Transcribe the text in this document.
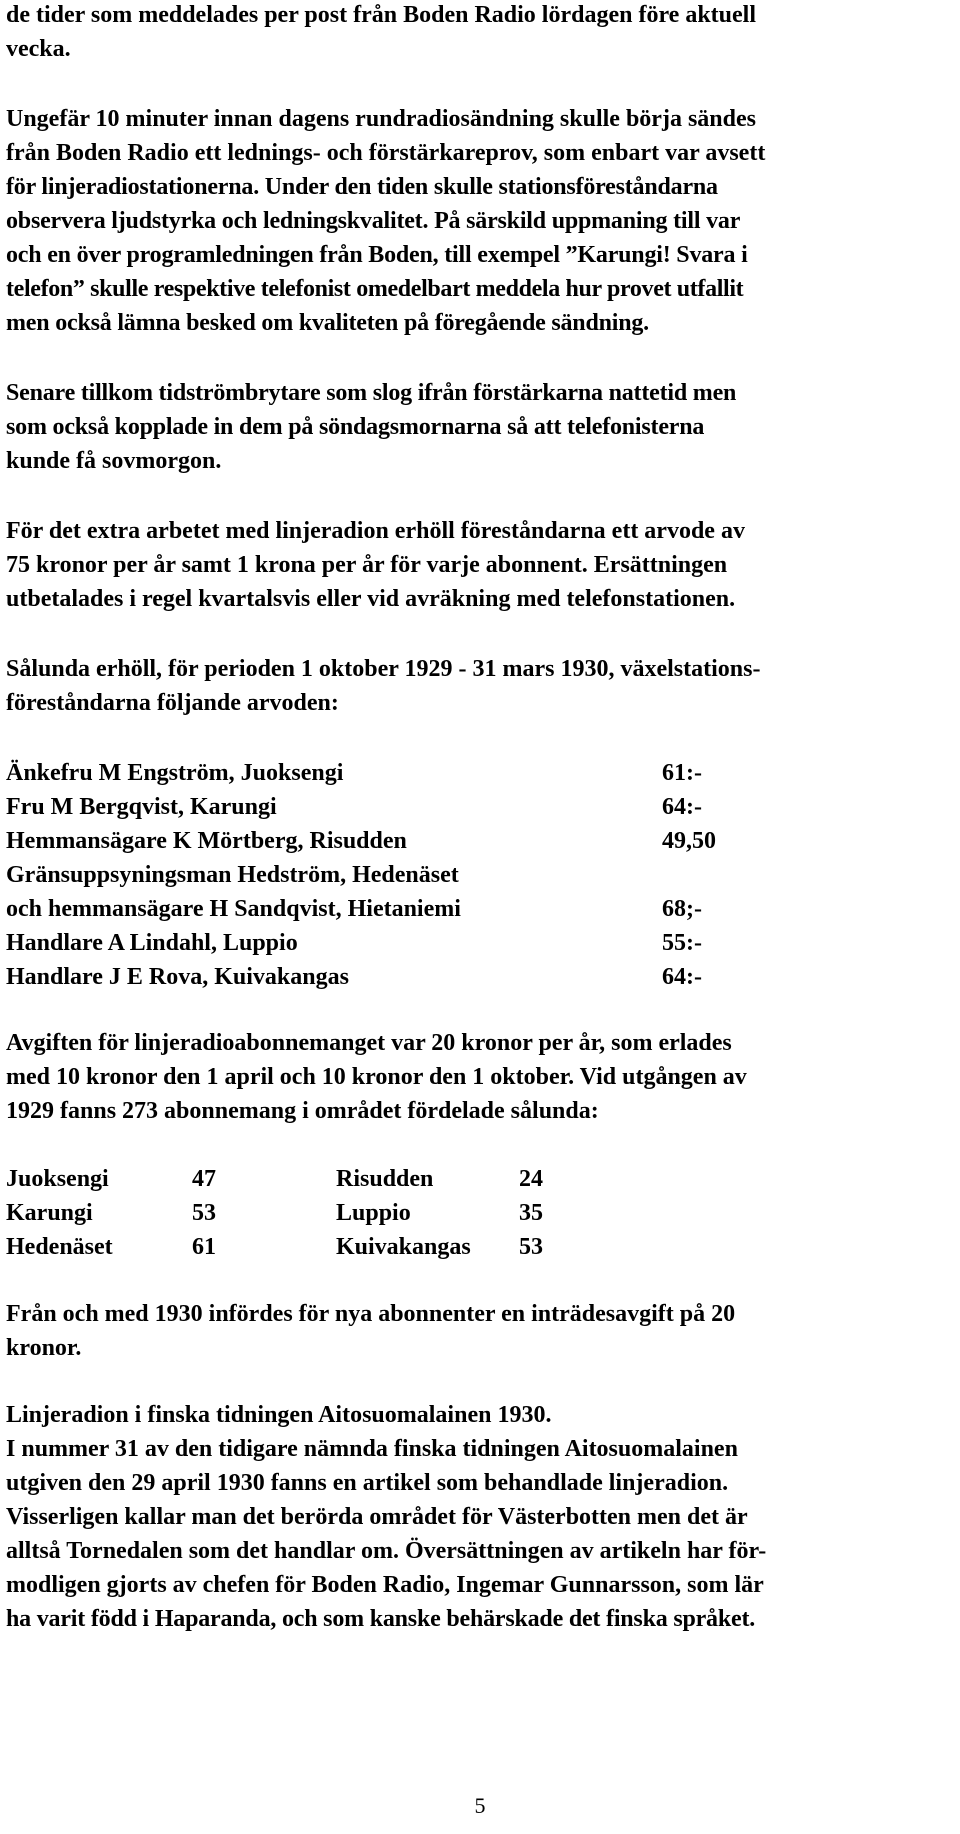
de tider som meddelades per post från Boden Radio lördagen före aktuell
vecka.
Ungefär 10 minuter innan dagens rundradiosändning skulle börja sändes
från Boden Radio ett lednings- och förstärkareprov, som enbart var avsett
för linjeradiostationerna. Under den tiden skulle stationsföreståndarna
observera ljudstyrka och ledningskvalitet. På särskild uppmaning till var
och en över programledningen från Boden, till exempel ”Karungi! Svara i
telefon” skulle respektive telefonist omedelbart meddela hur provet utfallit
men också lämna besked om kvaliteten på föregående sändning.
Senare tillkom tidströmbrytare som slog ifrån förstärkarna nattetid men
som också kopplade in dem på söndagsmornarna så att telefonisterna
kunde få sovmorgon.
För det extra arbetet med linjeradion erhöll föreståndarna ett arvode av
75 kronor per år samt 1 krona per år för varje abonnent. Ersättningen
utbetalades i regel kvartalsvis eller vid avräkning med telefonstationen.
Sålunda erhöll, för perioden 1 oktober 1929 - 31 mars 1930, växelstations-
föreståndarna följande arvoden:
Änkefru M Engström, Juoksengi	61:-
Fru M Bergqvist, Karungi	64:-
Hemmansägare K Mörtberg, Risudden	49,50
Gränsuppsyningsman Hedström, Hedenäset
och hemmansägare H Sandqvist, Hietaniemi	68;-
Handlare A Lindahl, Luppio	55:-
Handlare J E Rova, Kuivakangas	64:-
Avgiften för linjeradioabonnemanget var 20 kronor per år, som erlades
med 10 kronor den 1 april och 10 kronor den 1 oktober. Vid utgången av
1929 fanns 273 abonnemang i området fördelade sålunda:
Juoksengi	47	Risudden	24
Karungi	53	Luppio	35
Hedenäset	61	Kuivakangas	53
Från och med 1930 infördes för nya abonnenter en inträdesavgift på 20
kronor.
Linjeradion i finska tidningen Aitosuomalainen 1930.
I nummer 31 av den tidigare nämnda finska tidningen Aitosuomalainen
utgiven den 29 april 1930 fanns en artikel som behandlade linjeradion.
Visserligen kallar man det berörda området för Västerbotten men det är
alltså Tornedalen som det handlar om. Översättningen av artikeln har för-
modligen gjorts av chefen för Boden Radio, Ingemar Gunnarsson, som lär
ha varit född i Haparanda, och som kanske behärskade det finska språket.
5
